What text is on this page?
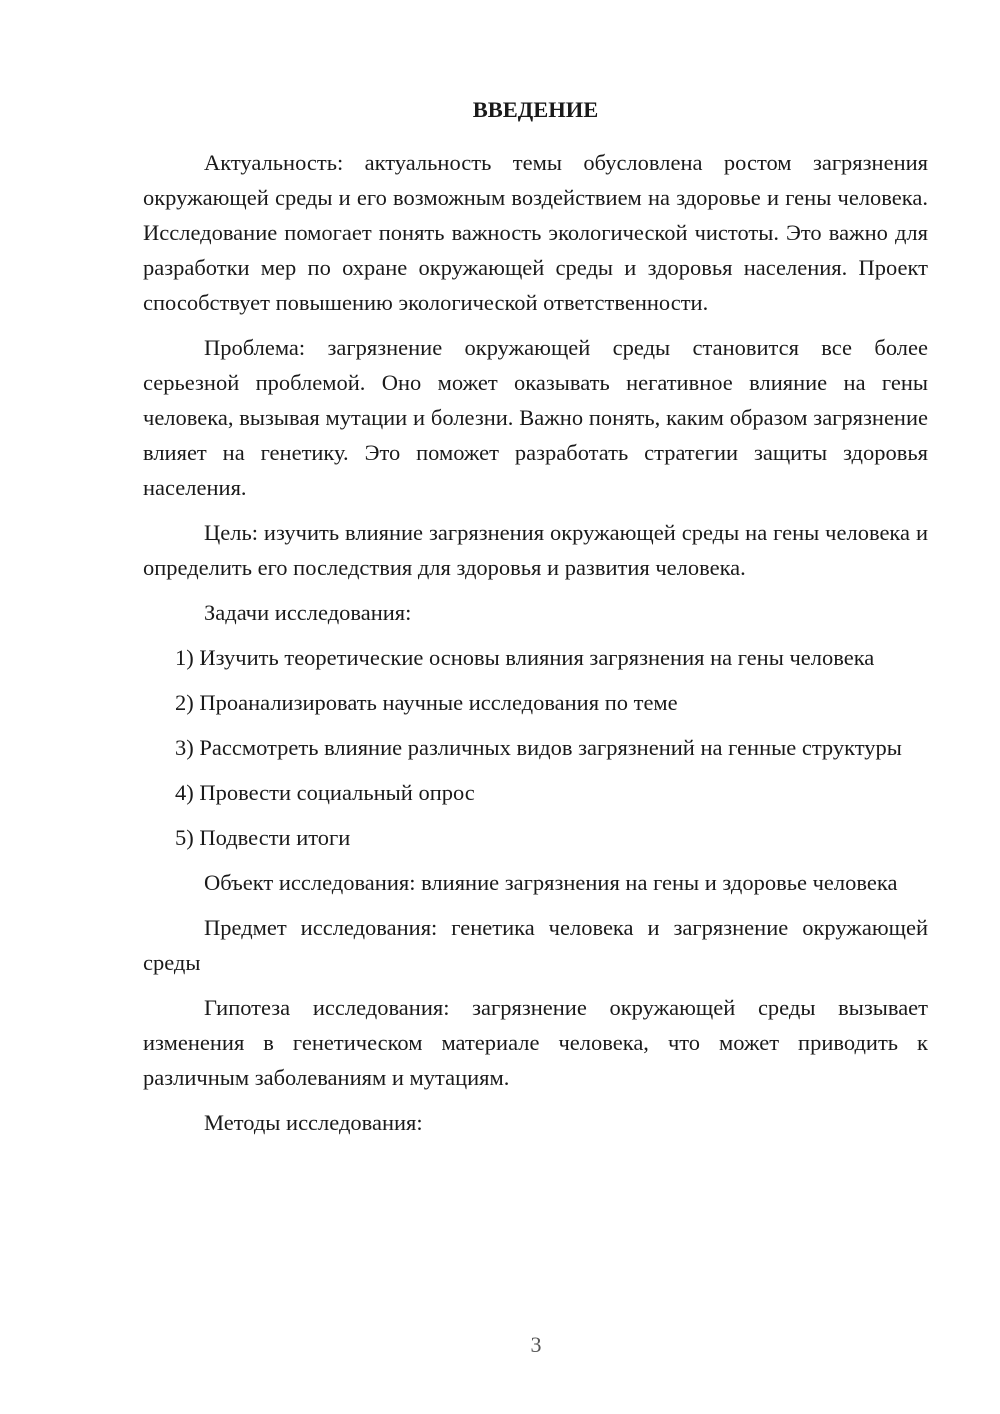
ВВЕДЕНИЕ

Актуальность: актуальность темы обусловлена ростом загрязнения окружающей среды и его возможным воздействием на здоровье и гены человека. Исследование помогает понять важность экологической чистоты. Это важно для разработки мер по охране окружающей среды и здоровья населения. Проект способствует повышению экологической ответственности.

Проблема: загрязнение окружающей среды становится все более серьезной проблемой. Оно может оказывать негативное влияние на гены человека, вызывая мутации и болезни. Важно понять, каким образом загрязнение влияет на генетику. Это поможет разработать стратегии защиты здоровья населения.

Цель: изучить влияние загрязнения окружающей среды на гены человека и определить его последствия для здоровья и развития человека.

Задачи исследования:

1) Изучить теоретические основы влияния загрязнения на гены человека

2) Проанализировать научные исследования по теме

3) Рассмотреть влияние различных видов загрязнений на генные структуры

4) Провести социальный опрос

5) Подвести итоги

Объект исследования: влияние загрязнения на гены и здоровье человека

Предмет исследования: генетика человека и загрязнение окружающей среды

Гипотеза исследования: загрязнение окружающей среды вызывает изменения в генетическом материале человека, что может приводить к различным заболеваниям и мутациям.

Методы исследования:

3
